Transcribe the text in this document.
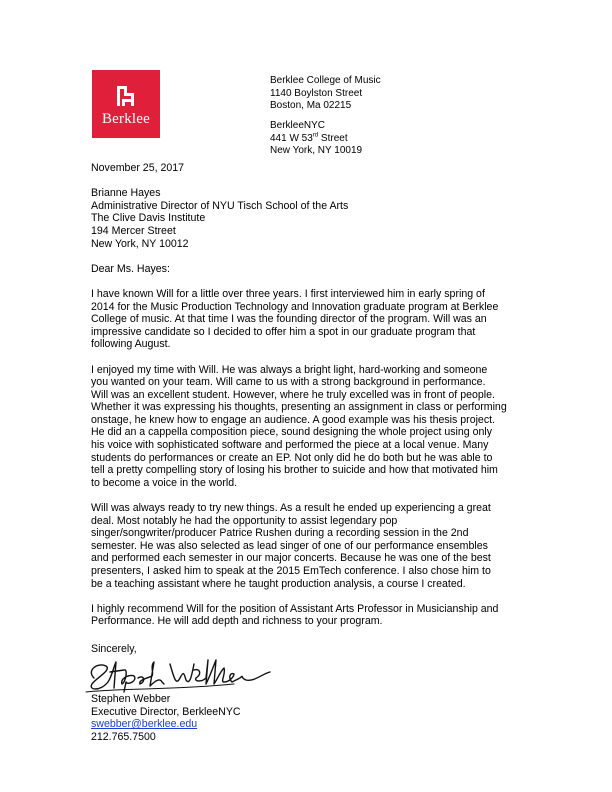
Berklee
Berklee College of Music
1140 Boylston Street
Boston, Ma 02215
BerkleeNYC
441 W 53rd Street
New York, NY 10019

November 25, 2017

Brianne Hayes
Administrative Director of NYU Tisch School of the Arts
The Clive Davis Institute
194 Mercer Street
New York, NY 10012

Dear Ms. Hayes:

I have known Will for a little over three years. I first interviewed him in early spring of
2014 for the Music Production Technology and Innovation graduate program at Berklee
College of music. At that time I was the founding director of the program. Will was an
impressive candidate so I decided to offer him a spot in our graduate program that
following August.

I enjoyed my time with Will. He was always a bright light, hard-working and someone
you wanted on your team. Will came to us with a strong background in performance.
Will was an excellent student. However, where he truly excelled was in front of people.
Whether it was expressing his thoughts, presenting an assignment in class or performing
onstage, he knew how to engage an audience. A good example was his thesis project.
He did an a cappella composition piece, sound designing the whole project using only
his voice with sophisticated software and performed the piece at a local venue. Many
students do performances or create an EP. Not only did he do both but he was able to
tell a pretty compelling story of losing his brother to suicide and how that motivated him
to become a voice in the world.

Will was always ready to try new things. As a result he ended up experiencing a great
deal. Most notably he had the opportunity to assist legendary pop
singer/songwriter/producer Patrice Rushen during a recording session in the 2nd
semester. He was also selected as lead singer of one of our performance ensembles
and performed each semester in our major concerts. Because he was one of the best
presenters, I asked him to speak at the 2015 EmTech conference. I also chose him to
be a teaching assistant where he taught production analysis, a course I created.

I highly recommend Will for the position of Assistant Arts Professor in Musicianship and
Performance. He will add depth and richness to your program.

Sincerely,
Stephen Webber
Executive Director, BerkleeNYC
swebber@berklee.edu
212.765.7500
